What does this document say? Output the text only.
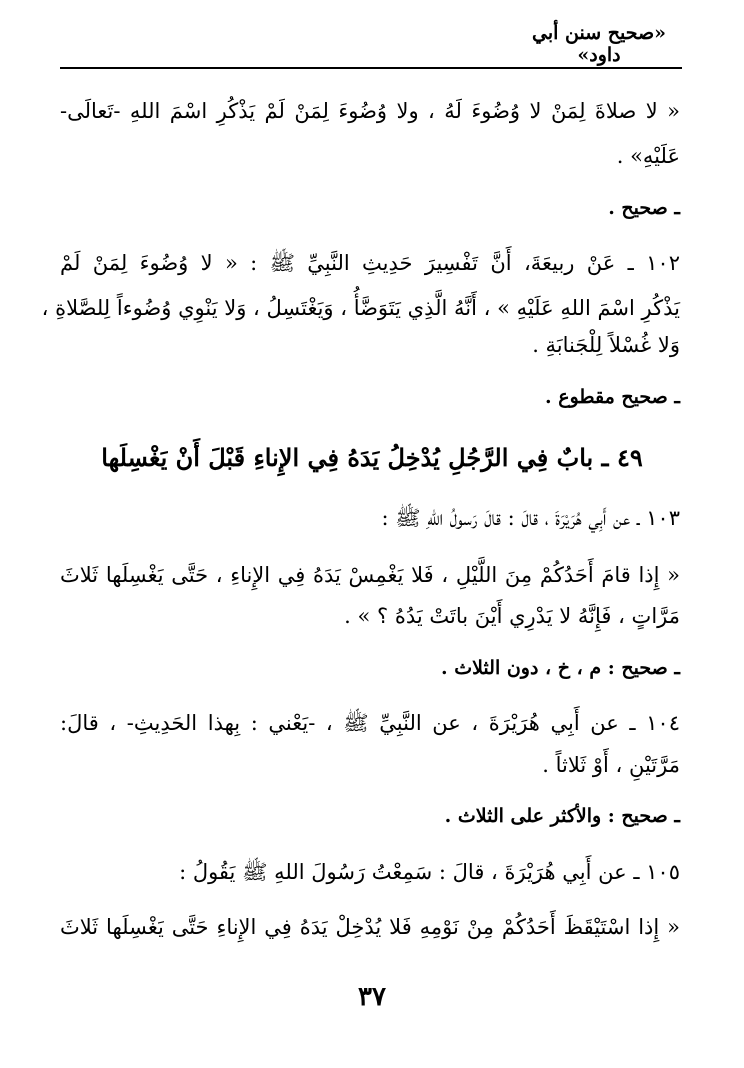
«صحيح سنن أبي داود»
« لا صلاةَ لِمَنْ لا وُضُوءَ لَهُ ، ولا وُضُوءَ لِمَنْ لَمْ يَذْكُرِ اسْمَ اللهِ -تَعالَى-
عَلَيْهِ» .
ـ صحيح .
١٠٢ ـ عَنْ ربيعَةَ، أَنَّ تَفْسِيرَ حَدِيثِ النَّبِيِّ ﷺ : « لا وُضُوءَ لِمَنْ لَمْ
يَذْكُرِ اسْمَ اللهِ عَلَيْهِ » ، أَنَّهُ الَّذِي يَتَوَضَّأُ ، وَيَغْتَسِلُ ، وَلا يَنْوِي وُضُوءاً لِلصَّلاةِ ،
وَلا غُسْلاً لِلْجَنابَةِ .
ـ صحيح مقطوع .
٤٩ ـ بابٌ فِي الرَّجُلِ يُدْخِلُ يَدَهُ فِي الإِناءِ قَبْلَ أَنْ يَغْسِلَها
١٠٣ ـ عن أَبِي هُرَيْرَةَ ، قالَ : قالَ رَسولُ اللهِ ﷺ :
« إِذا قامَ أَحَدُكُمْ مِنَ اللَّيْلِ ، فَلا يَغْمِسْ يَدَهُ فِي الإِناءِ ، حَتَّى يَغْسِلَها ثَلاثَ
مَرَّاتٍ ، فَإِنَّهُ لا يَدْرِي أَيْنَ باتَتْ يَدُهُ ؟ » .
ـ صحيح : م ، خ ، دون الثلاث .
١٠٤ ـ عن أَبِي هُرَيْرَةَ ، عن النَّبِيِّ ﷺ ، -يَعْني : بِهذا الحَدِيثِ- ، قالَ:
مَرَّتَيْنِ ، أَوْ ثَلاثاً .
ـ صحيح : والأكثر على الثلاث .
١٠٥ ـ عن أَبِي هُرَيْرَةَ ، قالَ : سَمِعْتُ رَسُولَ اللهِ ﷺ يَقُولُ :
« إِذا اسْتَيْقَظَ أَحَدُكُمْ مِنْ نَوْمِهِ فَلا يُدْخِلْ يَدَهُ فِي الإِناءِ حَتَّى يَغْسِلَها ثَلاثَ
٣٧
